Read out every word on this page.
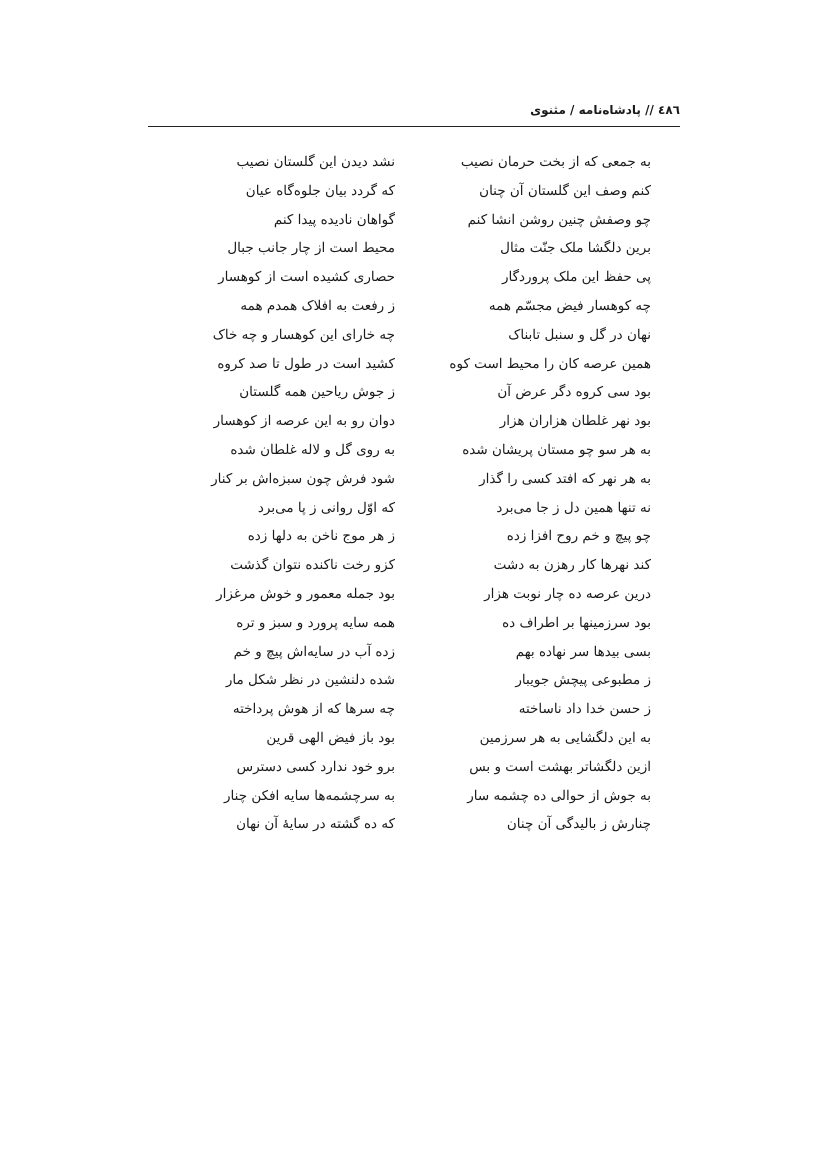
٤٨٦ // پادشاه‌نامه / مثنوی
به جمعی که از بخت حرمان نصیب
نشد دیدن این گلستان نصیب
کنم وصف این گلستان آن چنان
که گردد بیان جلوه‌گاه عیان
چو وصفش چنین روشن انشا کنم
گواهان نادیده پیدا کنم
برین دلگشا ملک جنّت مثال
محیط است از چار جانب جبال
پی حفظ این ملک پروردگار
حصاری کشیده است از کوهسار
چه کوهسار فیض مجسّم همه
ز رفعت به افلاک همدم همه
نهان در گل و سنبل تابناک
چه خارای این کوهسار و چه خاک
همین عرصه کان را محیط است کوه
کشید است در طول تا صد کروه
بود سی کروه دگر عرض آن
ز جوش ریاحین همه گلستان
بود نهر غلطان هزاران هزار
دوان رو به این عرصه از کوهسار
به هر سو چو مستان پریشان شده
به روی گل و لاله غلطان شده
به هر نهر که افتد کسی را گذار
شود فرش چون سبزه‌اش بر کنار
نه تنها همین دل ز جا می‌برد
که اوّل روانی ز پا می‌برد
چو پیچ و خم روح افزا زده
ز هر موج ناخن به دلها زده
کند نهرها کار رهزن به دشت
کزو رخت ناکنده نتوان گذشت
درین عرصه ده چار نوبت هزار
بود جمله معمور و خوش مرغزار
بود سرزمینها بر اطراف ده
همه سایه پرورد و سبز و تره
بسی بیدها سر نهاده بهم
زده آب در سایه‌اش پیچ و خم
ز مطبوعی پیچش جویبار
شده دلنشین در نظر شکل مار
ز حسن خدا داد ناساخته
چه سرها که از هوش پرداخته
به این دلگشایی به هر سرزمین
بود باز فیض الهی قرین
ازین دلگشاتر بهشت است و بس
برو خود ندارد کسی دسترس
به جوش از حوالی ده چشمه سار
به سرچشمه‌ها سایه افکن چنار
چنارش ز بالیدگی آن چنان
که ده گشته در سایهٔ آن نهان
